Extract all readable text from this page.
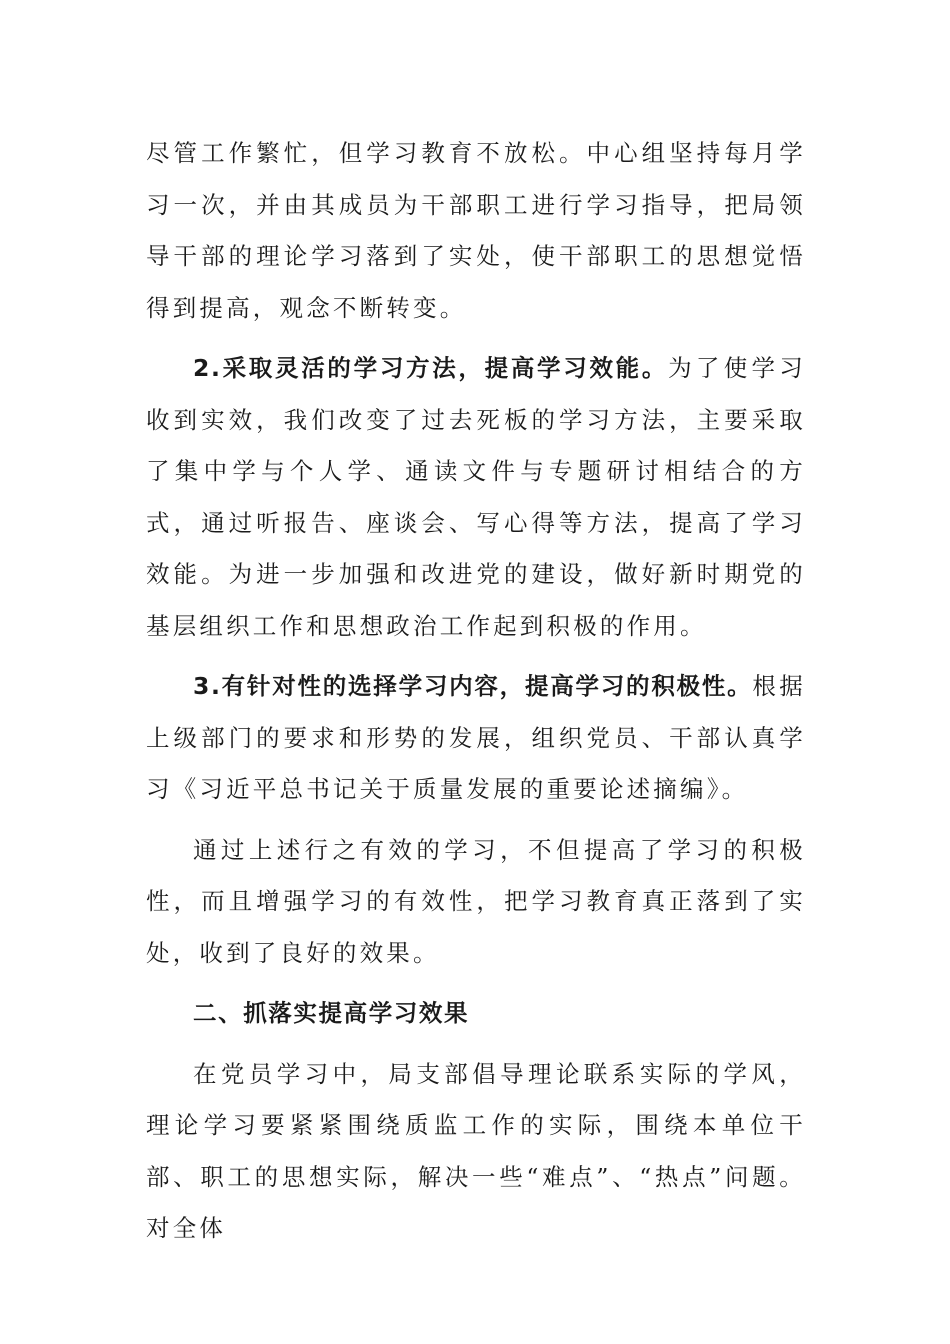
尽管工作繁忙，但学习教育不放松。中心组坚持每月学习一次，并由其成员为干部职工进行学习指导，把局领导干部的理论学习落到了实处，使干部职工的思想觉悟得到提高，观念不断转变。

2.采取灵活的学习方法，提高学习效能。为了使学习收到实效，我们改变了过去死板的学习方法，主要采取了集中学与个人学、通读文件与专题研讨相结合的方式，通过听报告、座谈会、写心得等方法，提高了学习效能。为进一步加强和改进党的建设，做好新时期党的基层组织工作和思想政治工作起到积极的作用。

3.有针对性的选择学习内容，提高学习的积极性。根据上级部门的要求和形势的发展，组织党员、干部认真学习《习近平总书记关于质量发展的重要论述摘编》。

通过上述行之有效的学习，不但提高了学习的积极性，而且增强学习的有效性，把学习教育真正落到了实处，收到了良好的效果。

二、抓落实提高学习效果

在党员学习中，局支部倡导理论联系实际的学风，理论学习要紧紧围绕质监工作的实际，围绕本单位干部、职工的思想实际，解决一些“难点”、“热点”问题。对全体
